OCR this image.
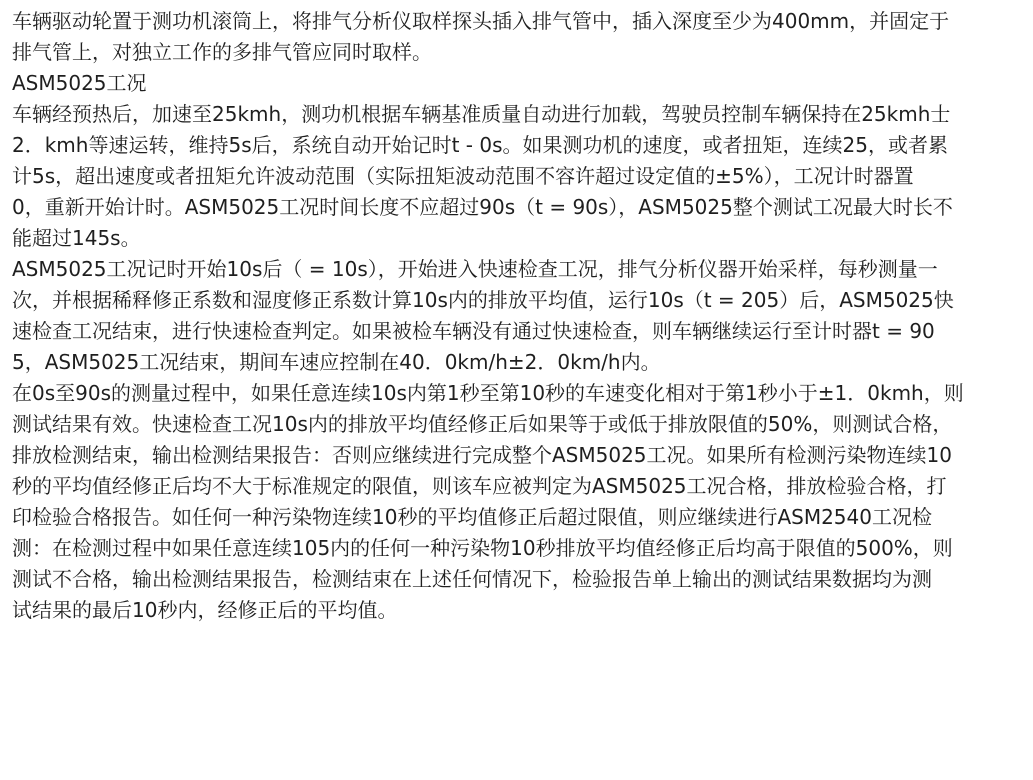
车辆驱动轮置于测功机滚筒上，将排气分析仪取样探头插入排气管中，插入深度至少为400mm，并固定于
排气管上，对独立工作的多排气管应同时取样。
ASM5025工况
车辆经预热后，加速至25kmh，测功机根据车辆基准质量自动进行加载，驾驶员控制车辆保持在25kmh士
2．kmh等速运转，维持5s后，系统自动开始记时t - 0s。如果测功机的速度，或者扭矩，连续25，或者累
计5s，超出速度或者扭矩允许波动范围（实际扭矩波动范围不容许超过设定值的±5%），工况计时器置
0，重新开始计时。ASM5025工况时间长度不应超过90s（t = 90s），ASM5025整个测试工况最大时长不
能超过145s。
ASM5025工况记时开始10s后（ = 10s），开始进入快速检查工况，排气分析仪器开始采样，每秒测量一
次，并根据稀释修正系数和湿度修正系数计算10s内的排放平均值，运行10s（t = 205）后，ASM5025快
速检查工况结束，进行快速检查判定。如果被检车辆没有通过快速检查，则车辆继续运行至计时器t = 90
5，ASM5025工况结束，期间车速应控制在40．0km/h±2．0km/h内。
在0s至90s的测量过程中，如果任意连续10s内第1秒至第10秒的车速变化相对于第1秒小于±1．0kmh，则
测试结果有效。快速检查工况10s内的排放平均值经修正后如果等于或低于排放限值的50%，则测试合格，
排放检测结束，输出检测结果报告：否则应继续进行完成整个ASM5025工况。如果所有检测污染物连续10
秒的平均值经修正后均不大于标准规定的限值，则该车应被判定为ASM5025工况合格，排放检验合格，打
印检验合格报告。如任何一种污染物连续10秒的平均值修正后超过限值，则应继续进行ASM2540工况检
测：在检测过程中如果任意连续105内的任何一种污染物10秒排放平均值经修正后均高于限值的500%，则
测试不合格，输出检测结果报告，检测结束在上述任何情况下，检验报告单上输出的测试结果数据均为测
试结果的最后10秒内，经修正后的平均值。
